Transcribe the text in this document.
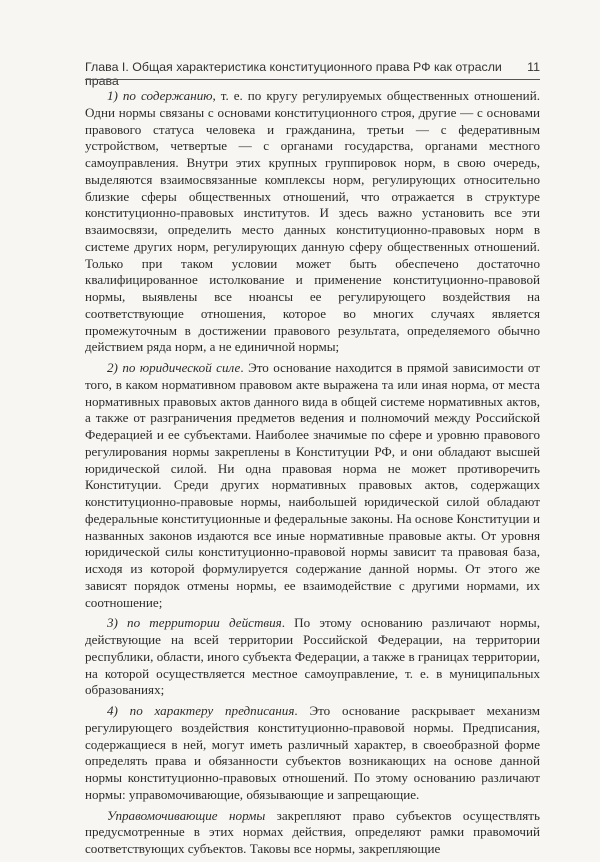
Глава I. Общая характеристика конституционного права РФ как отрасли права
11

1) по содержанию, т. е. по кругу регулируемых общественных отношений. Одни нормы связаны с основами конституционного строя, другие — с основами правового статуса человека и гражданина, третьи — с федеративным устройством, четвертые — с органами государства, органами местного самоуправления. Внутри этих крупных группировок норм, в свою очередь, выделяются взаимосвязанные комплексы норм, регулирующих относительно близкие сферы общественных отношений, что отражается в структуре конституционно-правовых институтов. И здесь важно установить все эти взаимосвязи, определить место данных конституционно-правовых норм в системе других норм, регулирующих данную сферу общественных отношений. Только при таком условии может быть обеспечено достаточно квалифицированное истолкование и применение конституционно-правовой нормы, выявлены все нюансы ее регулирующего воздействия на соответствующие отношения, которое во многих случаях является промежуточным в достижении правового результата, определяемого обычно действием ряда норм, а не единичной нормы;

2) по юридической силе. Это основание находится в прямой зависимости от того, в каком нормативном правовом акте выражена та или иная норма, от места нормативных правовых актов данного вида в общей системе нормативных актов, а также от разграничения предметов ведения и полномочий между Российской Федерацией и ее субъектами. Наиболее значимые по сфере и уровню правового регулирования нормы закреплены в Конституции РФ, и они обладают высшей юридической силой. Ни одна правовая норма не может противоречить Конституции. Среди других нормативных правовых актов, содержащих конституционно-правовые нормы, наибольшей юридической силой обладают федеральные конституционные и федеральные законы. На основе Конституции и названных законов издаются все иные нормативные правовые акты. От уровня юридической силы конституционно-правовой нормы зависит та правовая база, исходя из которой формулируется содержание данной нормы. От этого же зависят порядок отмены нормы, ее взаимодействие с другими нормами, их соотношение;

3) по территории действия. По этому основанию различают нормы, действующие на всей территории Российской Федерации, на территории республики, области, иного субъекта Федерации, а также в границах территории, на которой осуществляется местное самоуправление, т. е. в муниципальных образованиях;

4) по характеру предписания. Это основание раскрывает механизм регулирующего воздействия конституционно-правовой нормы. Предписания, содержащиеся в ней, могут иметь различный характер, в своеобразной форме определять права и обязанности субъектов возникающих на основе данной нормы конституционно-правовых отношений. По этому основанию различают нормы: управомочивающие, обязывающие и запрещающие.

Управомочивающие нормы закрепляют право субъектов осуществлять предусмотренные в этих нормах действия, определяют рамки правомочий соответствующих субъектов. Таковы все нормы, закрепляющие
